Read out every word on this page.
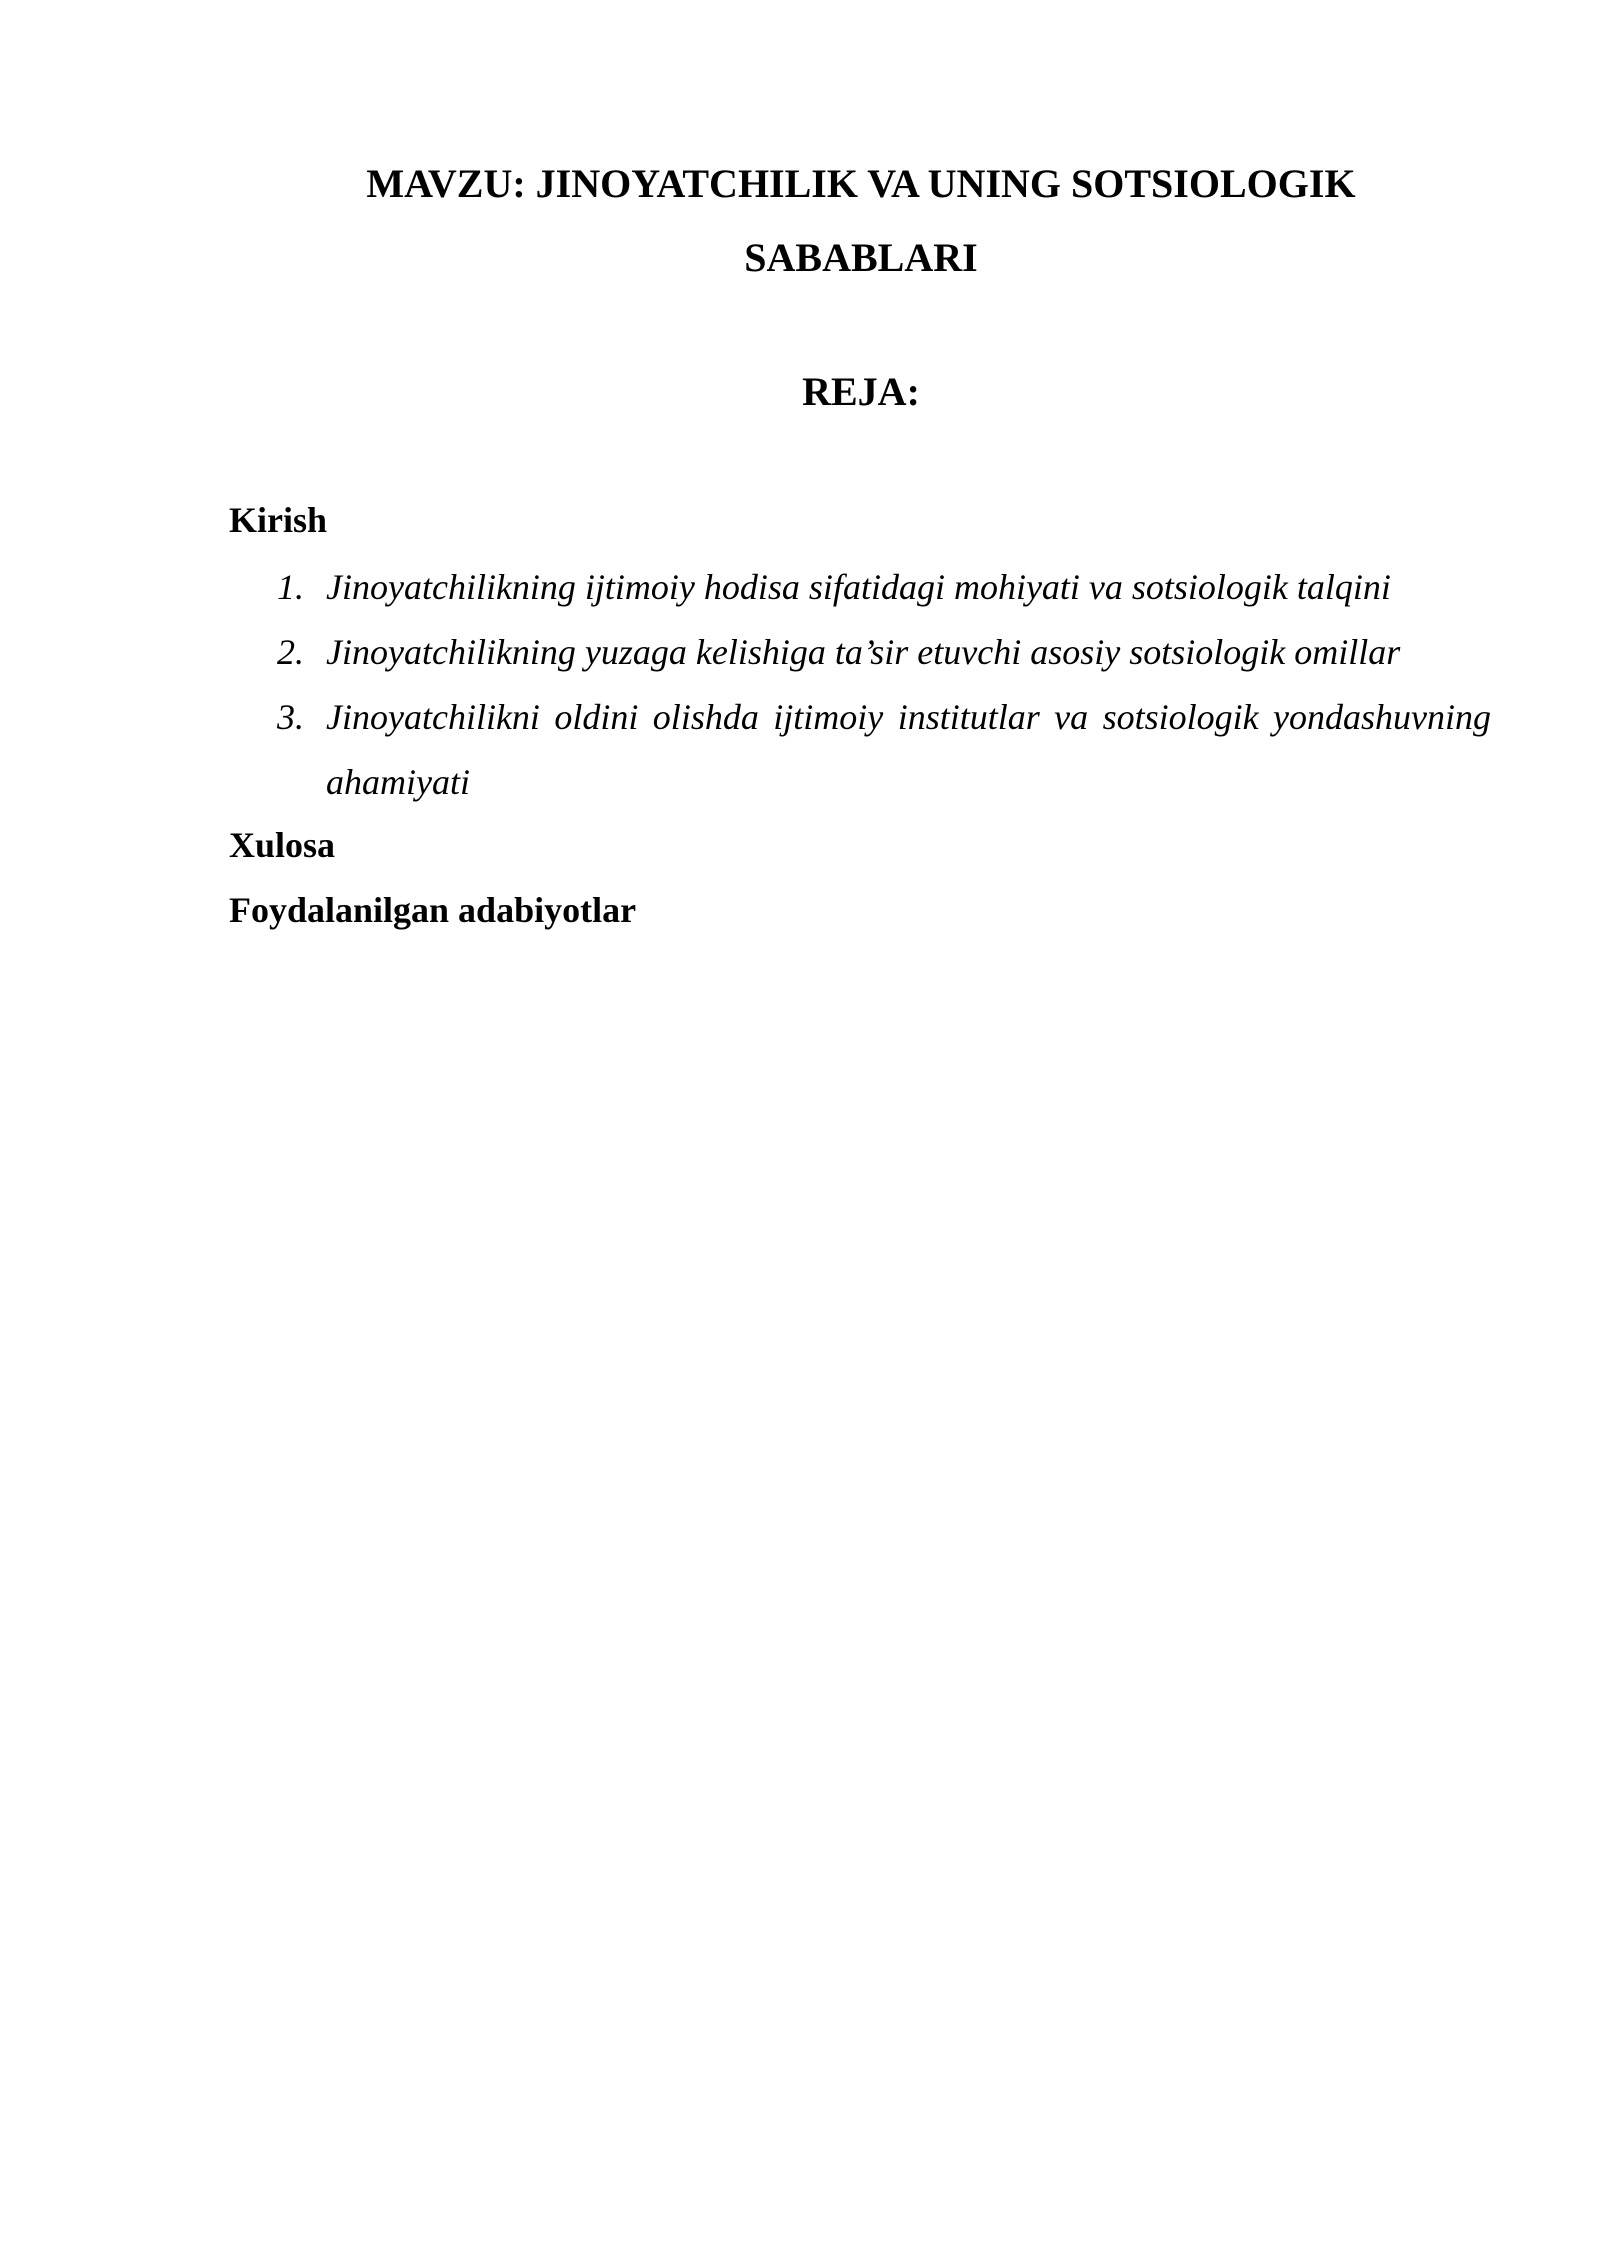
MAVZU: JINOYATCHILIK VA UNING SOTSIOLOGIK
SABABLARI
REJA:
Kirish
1. Jinoyatchilikning ijtimoiy hodisa sifatidagi mohiyati va sotsiologik talqini
2. Jinoyatchilikning yuzaga kelishiga ta’sir etuvchi asosiy sotsiologik omillar
3. Jinoyatchilikni oldini olishda ijtimoiy institutlar va sotsiologik yondashuvning ahamiyati
Xulosa
Foydalanilgan adabiyotlar
